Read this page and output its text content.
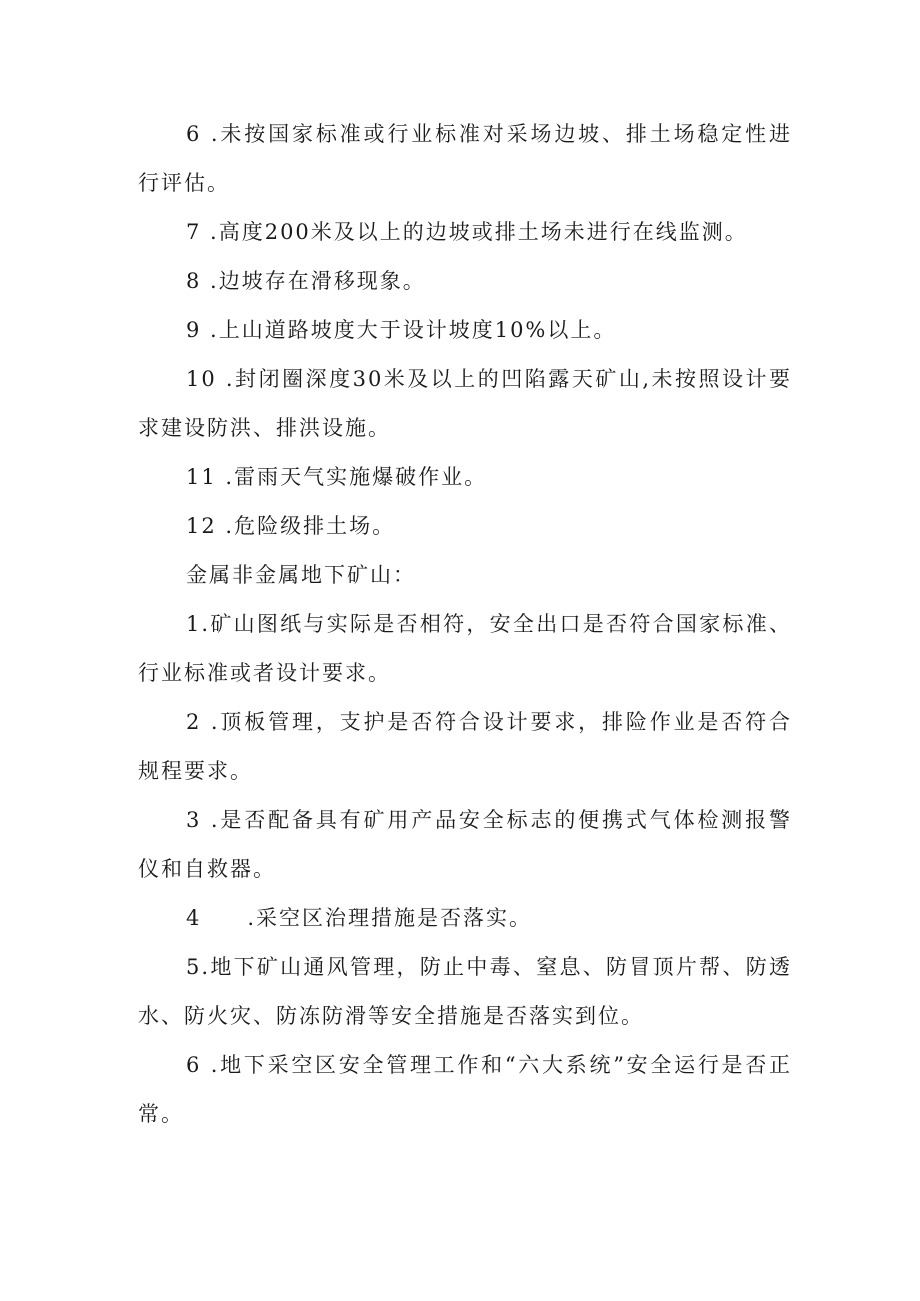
6 .未按国家标准或行业标准对采场边坡、排土场稳定性进行评估。

7 .高度200米及以上的边坡或排土场未进行在线监测。

8 .边坡存在滑移现象。

9 .上山道路坡度大于设计坡度10%以上。

10 .封闭圈深度30米及以上的凹陷露天矿山,未按照设计要求建设防洪、排洪设施。

11 .雷雨天气实施爆破作业。

12 .危险级排土场。

金属非金属地下矿山：

1.矿山图纸与实际是否相符，安全出口是否符合国家标准、行业标准或者设计要求。

2 .顶板管理，支护是否符合设计要求，排险作业是否符合规程要求。

3 .是否配备具有矿用产品安全标志的便携式气体检测报警仪和自救器。

4　　.采空区治理措施是否落实。

5.地下矿山通风管理，防止中毒、窒息、防冒顶片帮、防透水、防火灾、防冻防滑等安全措施是否落实到位。

6 .地下采空区安全管理工作和“六大系统”安全运行是否正常。
